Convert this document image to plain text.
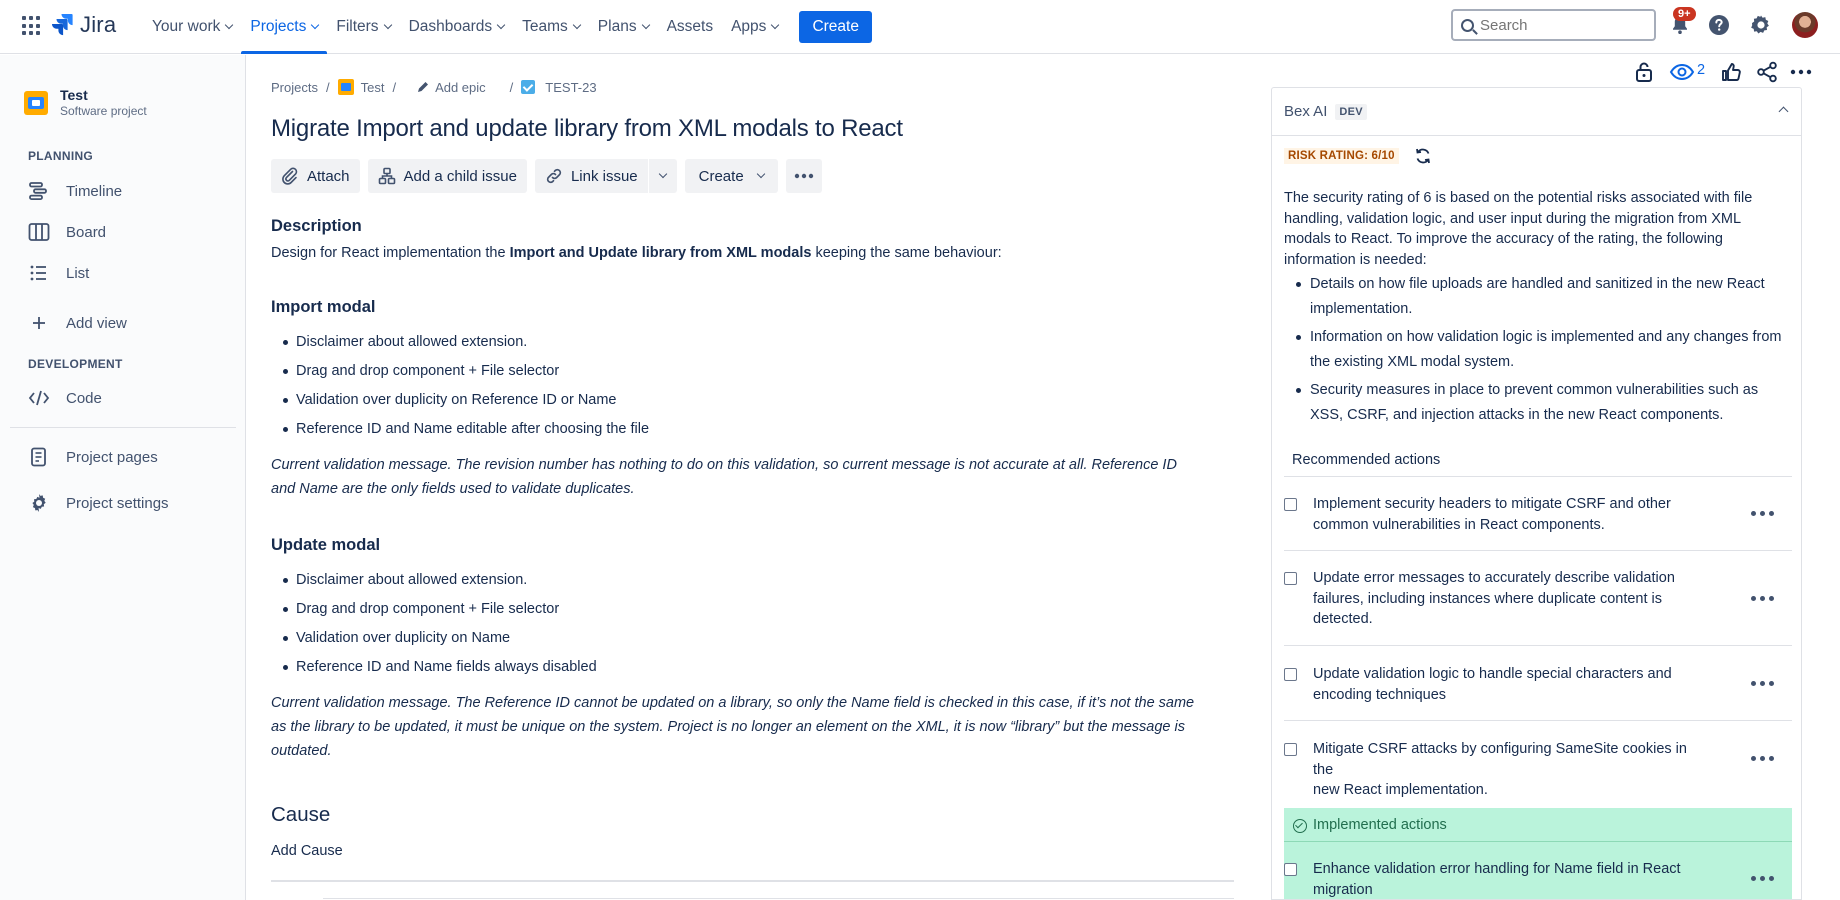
Jira Your work Projects Filters Dashboards Teams Plans Assets Apps	Create
Search
9+
Test
Software project
PLANNING
Timeline
Board
List
Add view
DEVELOPMENT
Code
Project pages
Project settings
Projects / Test /	Add epic / TEST-23
Migrate Import and update library from XML modals to React
Attach	Add a child issue	Link issue	Create
Description
Design for React implementation the Import and Update library from XML modals keeping the same behaviour:
Import modal
Disclaimer about allowed extension.
Drag and drop component + File selector
Validation over duplicity on Reference ID or Name
Reference ID and Name editable after choosing the file
Current validation message. The revision number has nothing to do on this validation, so current message is not accurate at all. Reference ID
and Name are the only fields used to validate duplicates.
Update modal
Disclaimer about allowed extension.
Drag and drop component + File selector
Validation over duplicity on Name
Reference ID and Name fields always disabled
Current validation message. The Reference ID cannot be updated on a library, so only the Name field is checked in this case, if it’s not the same
as the library to be updated, it must be unique on the system. Project is no longer an element on the XML, it is now “library” but the message is
outdated.
Cause
Add Cause
2
Bex AI	DEV
RISK RATING: 6/10
The security rating of 6 is based on the potential risks associated with file
handling, validation logic, and user input during the migration from XML
modals to React. To improve the accuracy of the rating, the following
information is needed:
Details on how file uploads are handled and sanitized in the new React
implementation.
Information on how validation logic is implemented and any changes from
the existing XML modal system.
Security measures in place to prevent common vulnerabilities such as
XSS, CSRF, and injection attacks in the new React components.
Recommended actions
Implement security headers to mitigate CSRF and other
common vulnerabilities in React components.
Update error messages to accurately describe validation
failures, including instances where duplicate content is
detected.
Update validation logic to handle special characters and
encoding techniques
Mitigate CSRF attacks by configuring SameSite cookies in the
new React implementation.
Implemented actions
Enhance validation error handling for Name field in React
migration
